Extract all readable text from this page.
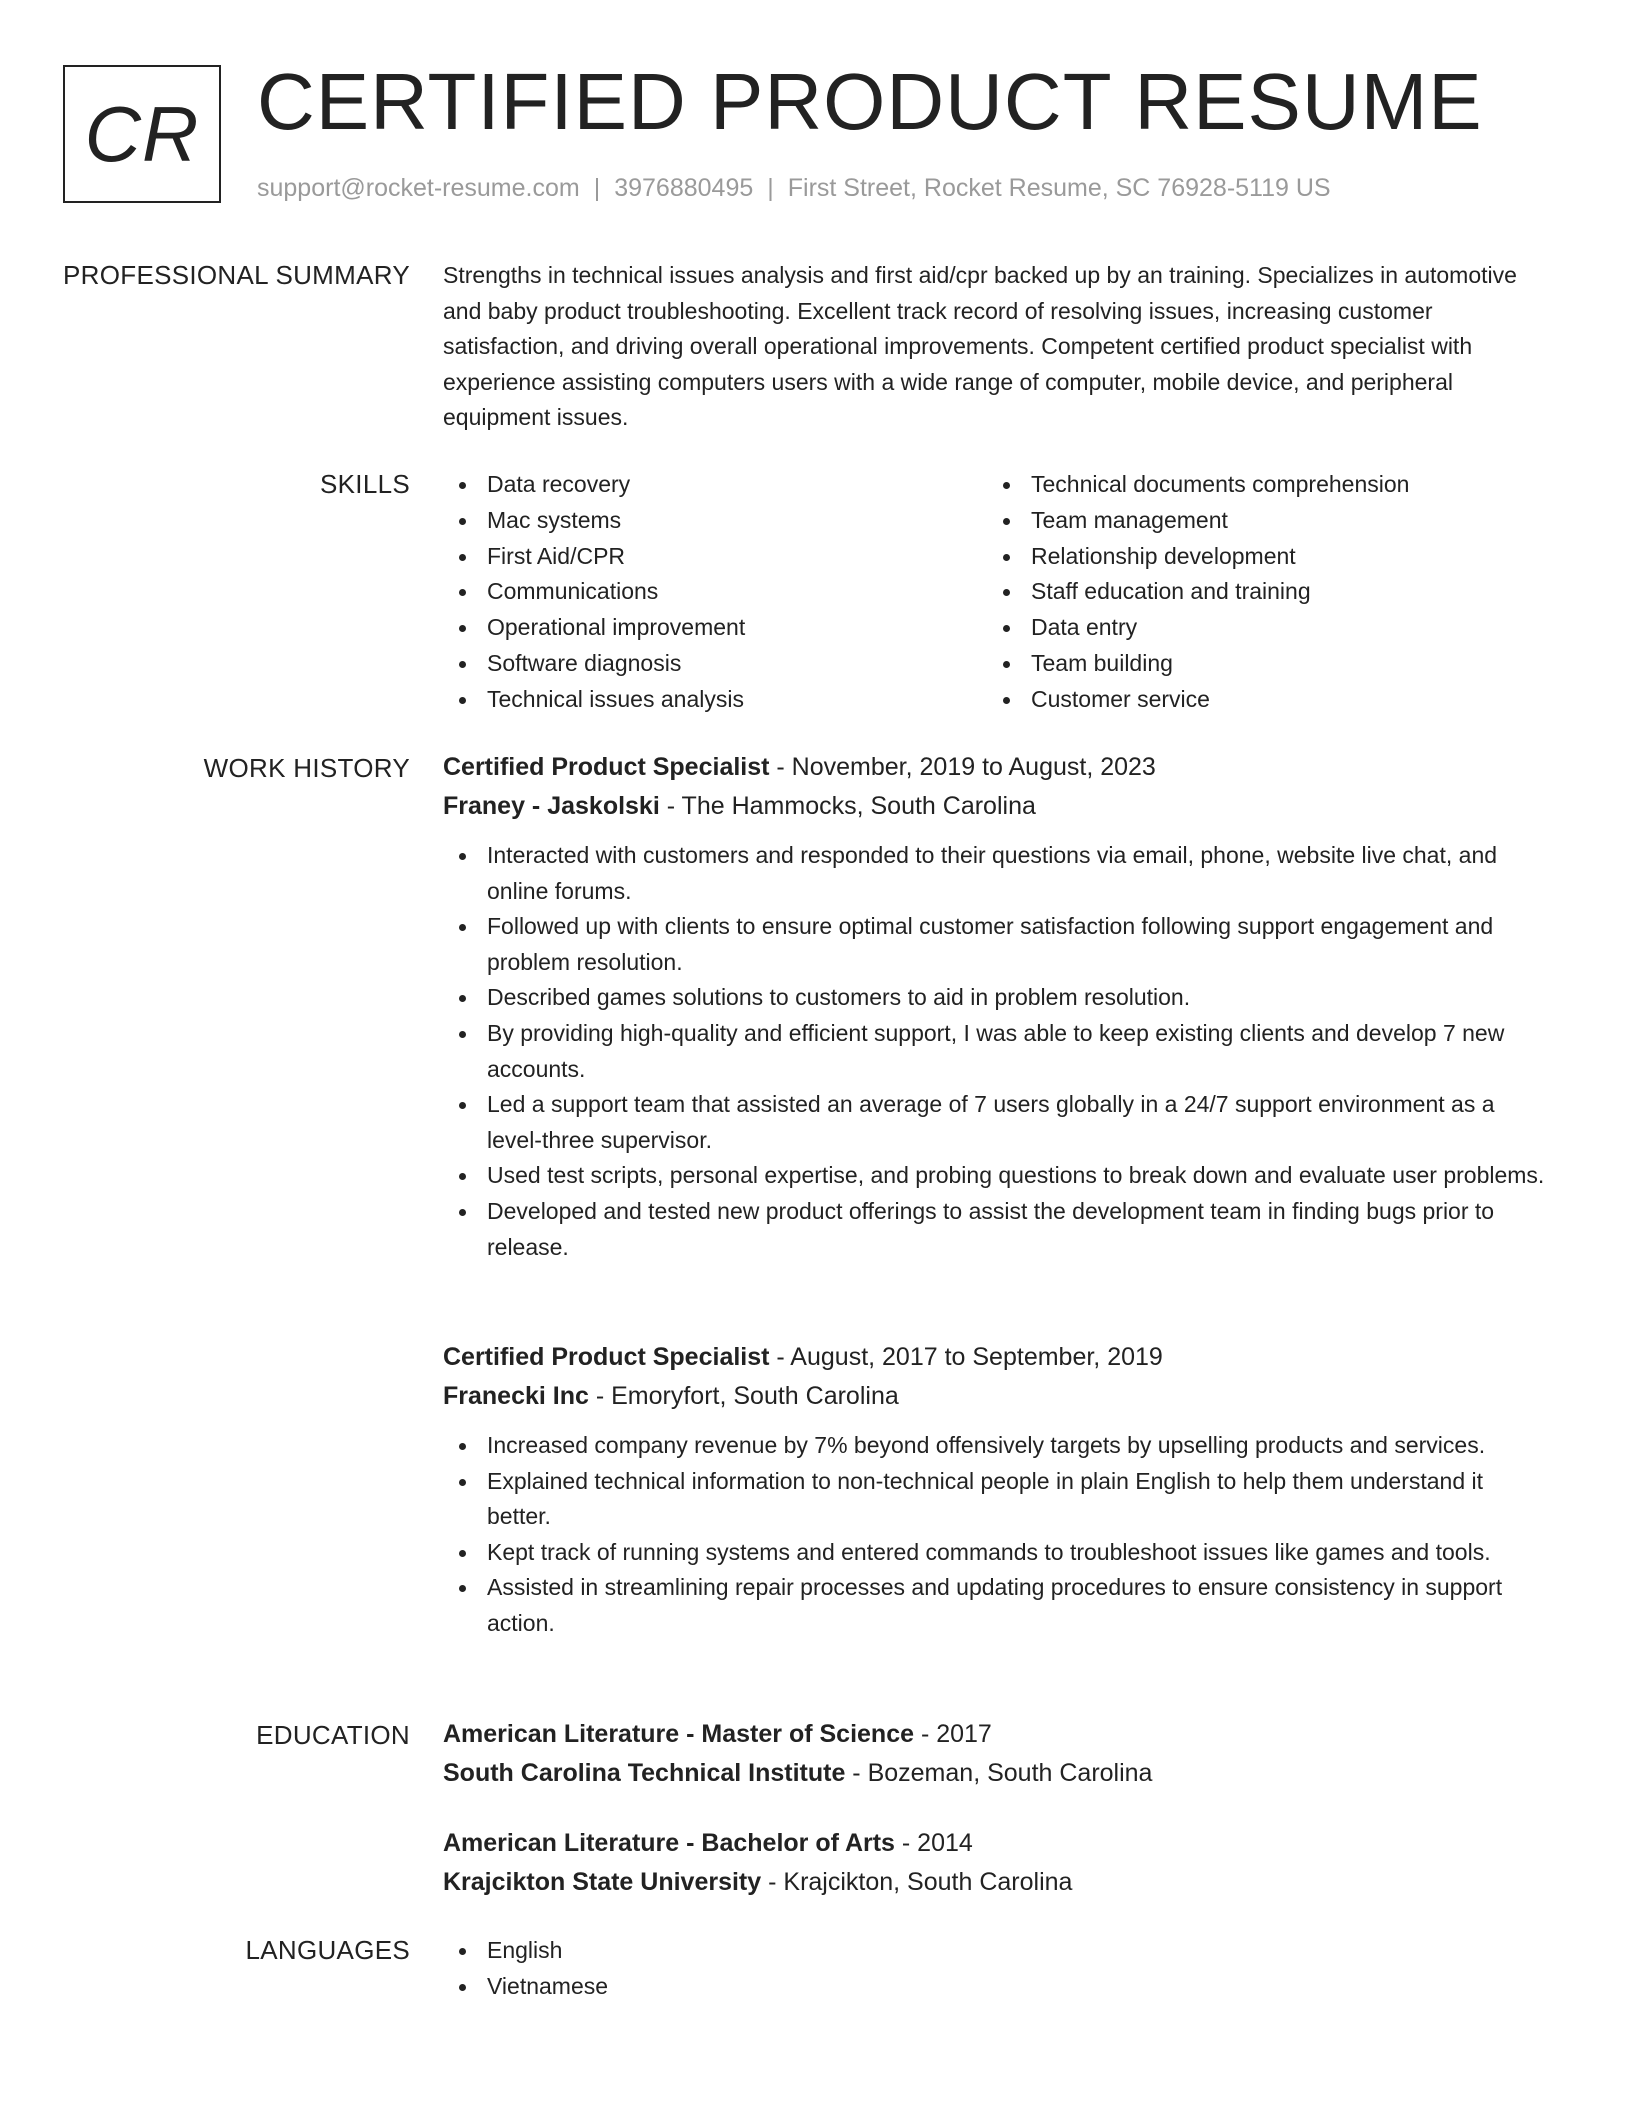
CR CERTIFIED PRODUCT RESUME
support@rocket-resume.com | 3976880495 | First Street, Rocket Resume, SC 76928-5119 US
PROFESSIONAL SUMMARY Strengths in technical issues analysis and first aid/cpr backed up by an training. Specializes in automotive and baby product troubleshooting. Excellent track record of resolving issues, increasing customer satisfaction, and driving overall operational improvements. Competent certified product specialist with experience assisting computers users with a wide range of computer, mobile device, and peripheral equipment issues.

SKILLS	Data recovery
Mac systems
First Aid/CPR
Communications
Operational improvement
Software diagnosis
Technical issues analysis
Technical documents comprehension
Team management
Relationship development
Staff education and training
Data entry
Team building
Customer service
WORK HISTORY Certified Product Specialist - November, 2019 to August, 2023
Franey - Jaskolski - The Hammocks, South Carolina
Interacted with customers and responded to their questions via email, phone, website live chat, and online forums.
Followed up with clients to ensure optimal customer satisfaction following support engagement and problem resolution.
Described games solutions to customers to aid in problem resolution.
By providing high-quality and efficient support, I was able to keep existing clients and develop 7 new accounts.
Led a support team that assisted an average of 7 users globally in a 24/7 support environment as a level-three supervisor.
Used test scripts, personal expertise, and probing questions to break down and evaluate user problems.
Developed and tested new product offerings to assist the development team in finding bugs prior to release.
Certified Product Specialist - August, 2017 to September, 2019
Franecki Inc - Emoryfort, South Carolina
Increased company revenue by 7% beyond offensively targets by upselling products and services.
Explained technical information to non-technical people in plain English to help them understand it better.
Kept track of running systems and entered commands to troubleshoot issues like games and tools.
Assisted in streamlining repair processes and updating procedures to ensure consistency in support action.
EDUCATION American Literature - Master of Science - 2017
South Carolina Technical Institute - Bozeman, South Carolina
American Literature - Bachelor of Arts - 2014
Krajcikton State University - Krajcikton, South Carolina
LANGUAGES	English
Vietnamese
